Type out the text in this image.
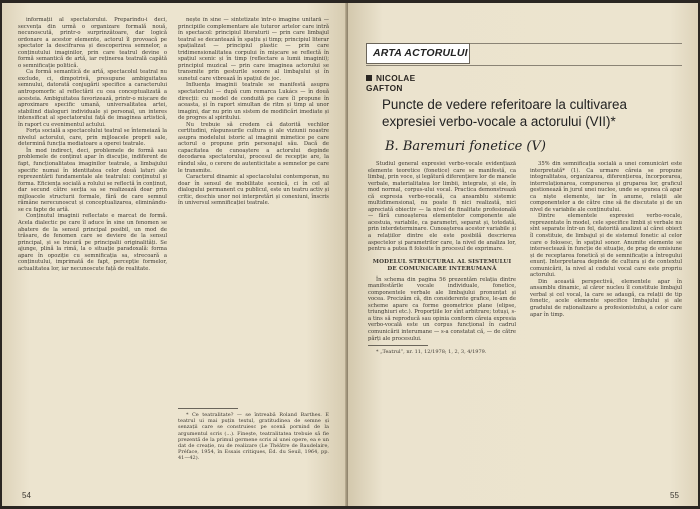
informații al spectatorului. Preparindu-i deci, secvența din urmă o organizare formală nouă, necunoscută, printr-o surprinzătoare, dar logică ordonare a acestor elemente, actorul îl provoacă pe spectator la descifrarea și descoperirea semnelor, a conținutului imaginilor, prin care teatrul devine o formă semantică de artă, iar reținerea teatrală capătă o semnificație politică.

Ca formă semantică de artă, spectacolul teatral nu exclude, ci, dimpotrivă, presupune ambiguitatea semnului, datorată conjugării specifice a caracterului antropomorfic al reflectării cu cea conceptualizată a acesteia. Ambiguitatea favorizează, printr-o mișcare de aproximare specific umană, universalitatea artei, stabilind dialoguri individuale și personal, un interes intensificat al spectatorului față de imaginea artistică, în raport cu evenimentul actului.

Forța socială a spectacolului teatral se întemeiază la nivelul actorului, care, prin mijloacele proprii sale, determină funcția mediatoare a operei teatrale.

În mod indirect, deci, problemele de formă sau problemele de conținut apar în discuție, indiferent de fapt, funcționalitatea imaginilor teatrale, a limbajului specific numai în identitatea celor două laturi ale reprezentării fundamentale ale teatrului: conținutul și forma. Eficiența socială a rolului se reflectă în conținut, dar secund către secția sa se realizează doar prin mijloacele structurii formale, fără de care semnul rămâne nerecunoscut și conceptualizarea, eliminându-se cu fapte de artă.

Conținutul imaginii reflectate e marcat de formă. Acela dialectic pe care îl aduce în sine un fenomen se abatere de la sensul principal posibil, un mod de trăsare, de fenomen care se deviere de la sensul principal, și se bucură pe principalii originalități. Se ajunge, plină la rimă, la o situație paradoxală: forma apare în opoziție cu semnificația sa, strecoară a conținutului, imprimată de fapt, percepție formelor, actualitatea lor, iar necunoscute față de realitate.

nește în sine — sintetizate într-o imagine unitară — principiile complementare ale tuturor artelor care intră în spectacol: principiul literaturii — prin care limbajul teatral se decantează în spațiu și timp; principiul literar spațializat — principiul plastic — prin care tridimensionalitatea corpului în mișcare se reflectă în spațiul scenic și în timp (reflectare a lumii imaginii); principiul muzical — prin care imaginea actorului se transmite prin gesturile sonore al limbajului și în sunetul care vibrează în spațiul de joc.

Influența imaginii teatrale se manifestă asupra spectatorului — după cum remarca Lukács — în două direcții: cu model de conduită pe care îl propune în aceasta, și în raport simultan de ritm și timp al unor imagini, dar nu prin un sistem de modificări imediate și de progres al spiritului.

Nu trebuie să credem că datorită vechilor certitudini, răspunsurile cultura și ale viziunii noastre asupra modelului istoric al imaginii mimetice pe care actorul o propune prin personajul său. Dacă de capacitatea de cunoaștere a actorului depinde decodarea spectatorului, procesul de recepție are, la rândul său, o cerere de autenticitate a semnelor pe care le transmite.

Caracterul dinamic al spectacolului contemporan, nu doar în sensul de mobilitate scenică, ci în cel al dialogului permanent cu publicul, este un teatru activ și critic, deschis unor noi interpretări și conexiuni, înscris în universul semnificației teatrale.

* Ce teatralitate? — se întreabă Roland Barthes. E teatrul ui mai puțin textul, gratitudinea de semne și senzații care se construiesc pe scenă pornind de la argumentul scris (...). Finește, teatralitatea trebuie să fie prezentă de la primul germene scris al unei opere, ea e un dat de creație, nu de realizare (Le Théâtre de Baudelaire, Préface, 1954, în Essais critiques, Éd. du Seuil, 1964, pp. 41—42).

54
ARTA ACTORULUI
NICOLAE
GAFTON
Puncte de vedere referitoare la cultivarea expresiei verbo-vocale a actorului (VII)*
B. Baremuri fonetice (V)

Studiul general expresiei verbo-vocale evidențiază elemente teoretice (fonetice) care se manifestă, ca limbaj, prin voce, și legătură diferențiere lor de manele verbale, materialitatea lor limbii, integrate, și ele, în mod normal, corpus-ului vocal. Practica demonstrează că expresia verbo-vocală, ca ansamblu sistemic multidimensional, nu poate fi nici realizată, nici apreciată obiectiv — la nivel de finalitate profesională — fără cunoașterea elementelor componente ale acestuia, variabile, ca parametri, separat și, totodată, prin interdeterminare. Cunoașterea acestor variabile și a relațiilor dintre ele este posibilă descrierea aspectelor și parametrilor care, la nivel de analiza lor, pentru a putea fi folosite în procesul de exprimare.

MODELUL STRUCTURAL AL SISTEMULUI DE COMUNICARE INTERUMANĂ

În schema din pagina 56 prezentăm relația dintre manifestările vocale individuale, fonetice, componentele verbale ale limbajului pronunțat și vocea. Precizăm că, din considerente grafice, le-am de scheme apare ca forme geometrice plane (elipse, triunghiuri etc.). Proporțiile lor sînt arbitrare; totuși, s-a tins să reproducă sau opinia conform căreia expresia verbo-vocală este un corpus funcțional în cadrul comunicării interumane — s-a constatat că, — de către părți ale procesului.

* „Teatrul”, nr. 11, 12/1978; 1, 2, 3, 4/1979.

35% din semnificația socială a unei comunicări este interpretată* (1). Ca urmare căreia se propune integralitatea, organizarea, diferențierea, încorporarea, interrelaționarea, compunerea și gruparea lor, graficul gestionează în jurul unei nuclee, unde se spunea că apar ca niște elemente, iar în anume, relații ale componentelor a de către cine să fie discutate și de un nivel de variabile ale conținutului.

Dintre elementele expresiei verbo-vocale, reprezentate în model, cele specifice limbii și verbale nu sînt separate într-un fel, datorită analizei al cărei obiect îl constituie, de limbajul și de sistemul fonetic al celor care o folosesc, în spațiul sonor. Anumite elemente se intersectează în funcție de situație, de prag de emisiune și de receptarea fonetică și de semnificație a întregului enunț. Interpretarea depinde de cultura și de contextul comunicării, la nivel al codului vocal care este propriu actorului.

Din această perspectivă, elementele apar în ansamblu dinamic, al căror nucleu îl constituie limbajul verbal și cel vocal, la care se adaugă, ca relații de tip fonetic, acele elemente specifice limbajului și ale gradului de raționalizare a profesionistului, a celor care apar în timp.

55
